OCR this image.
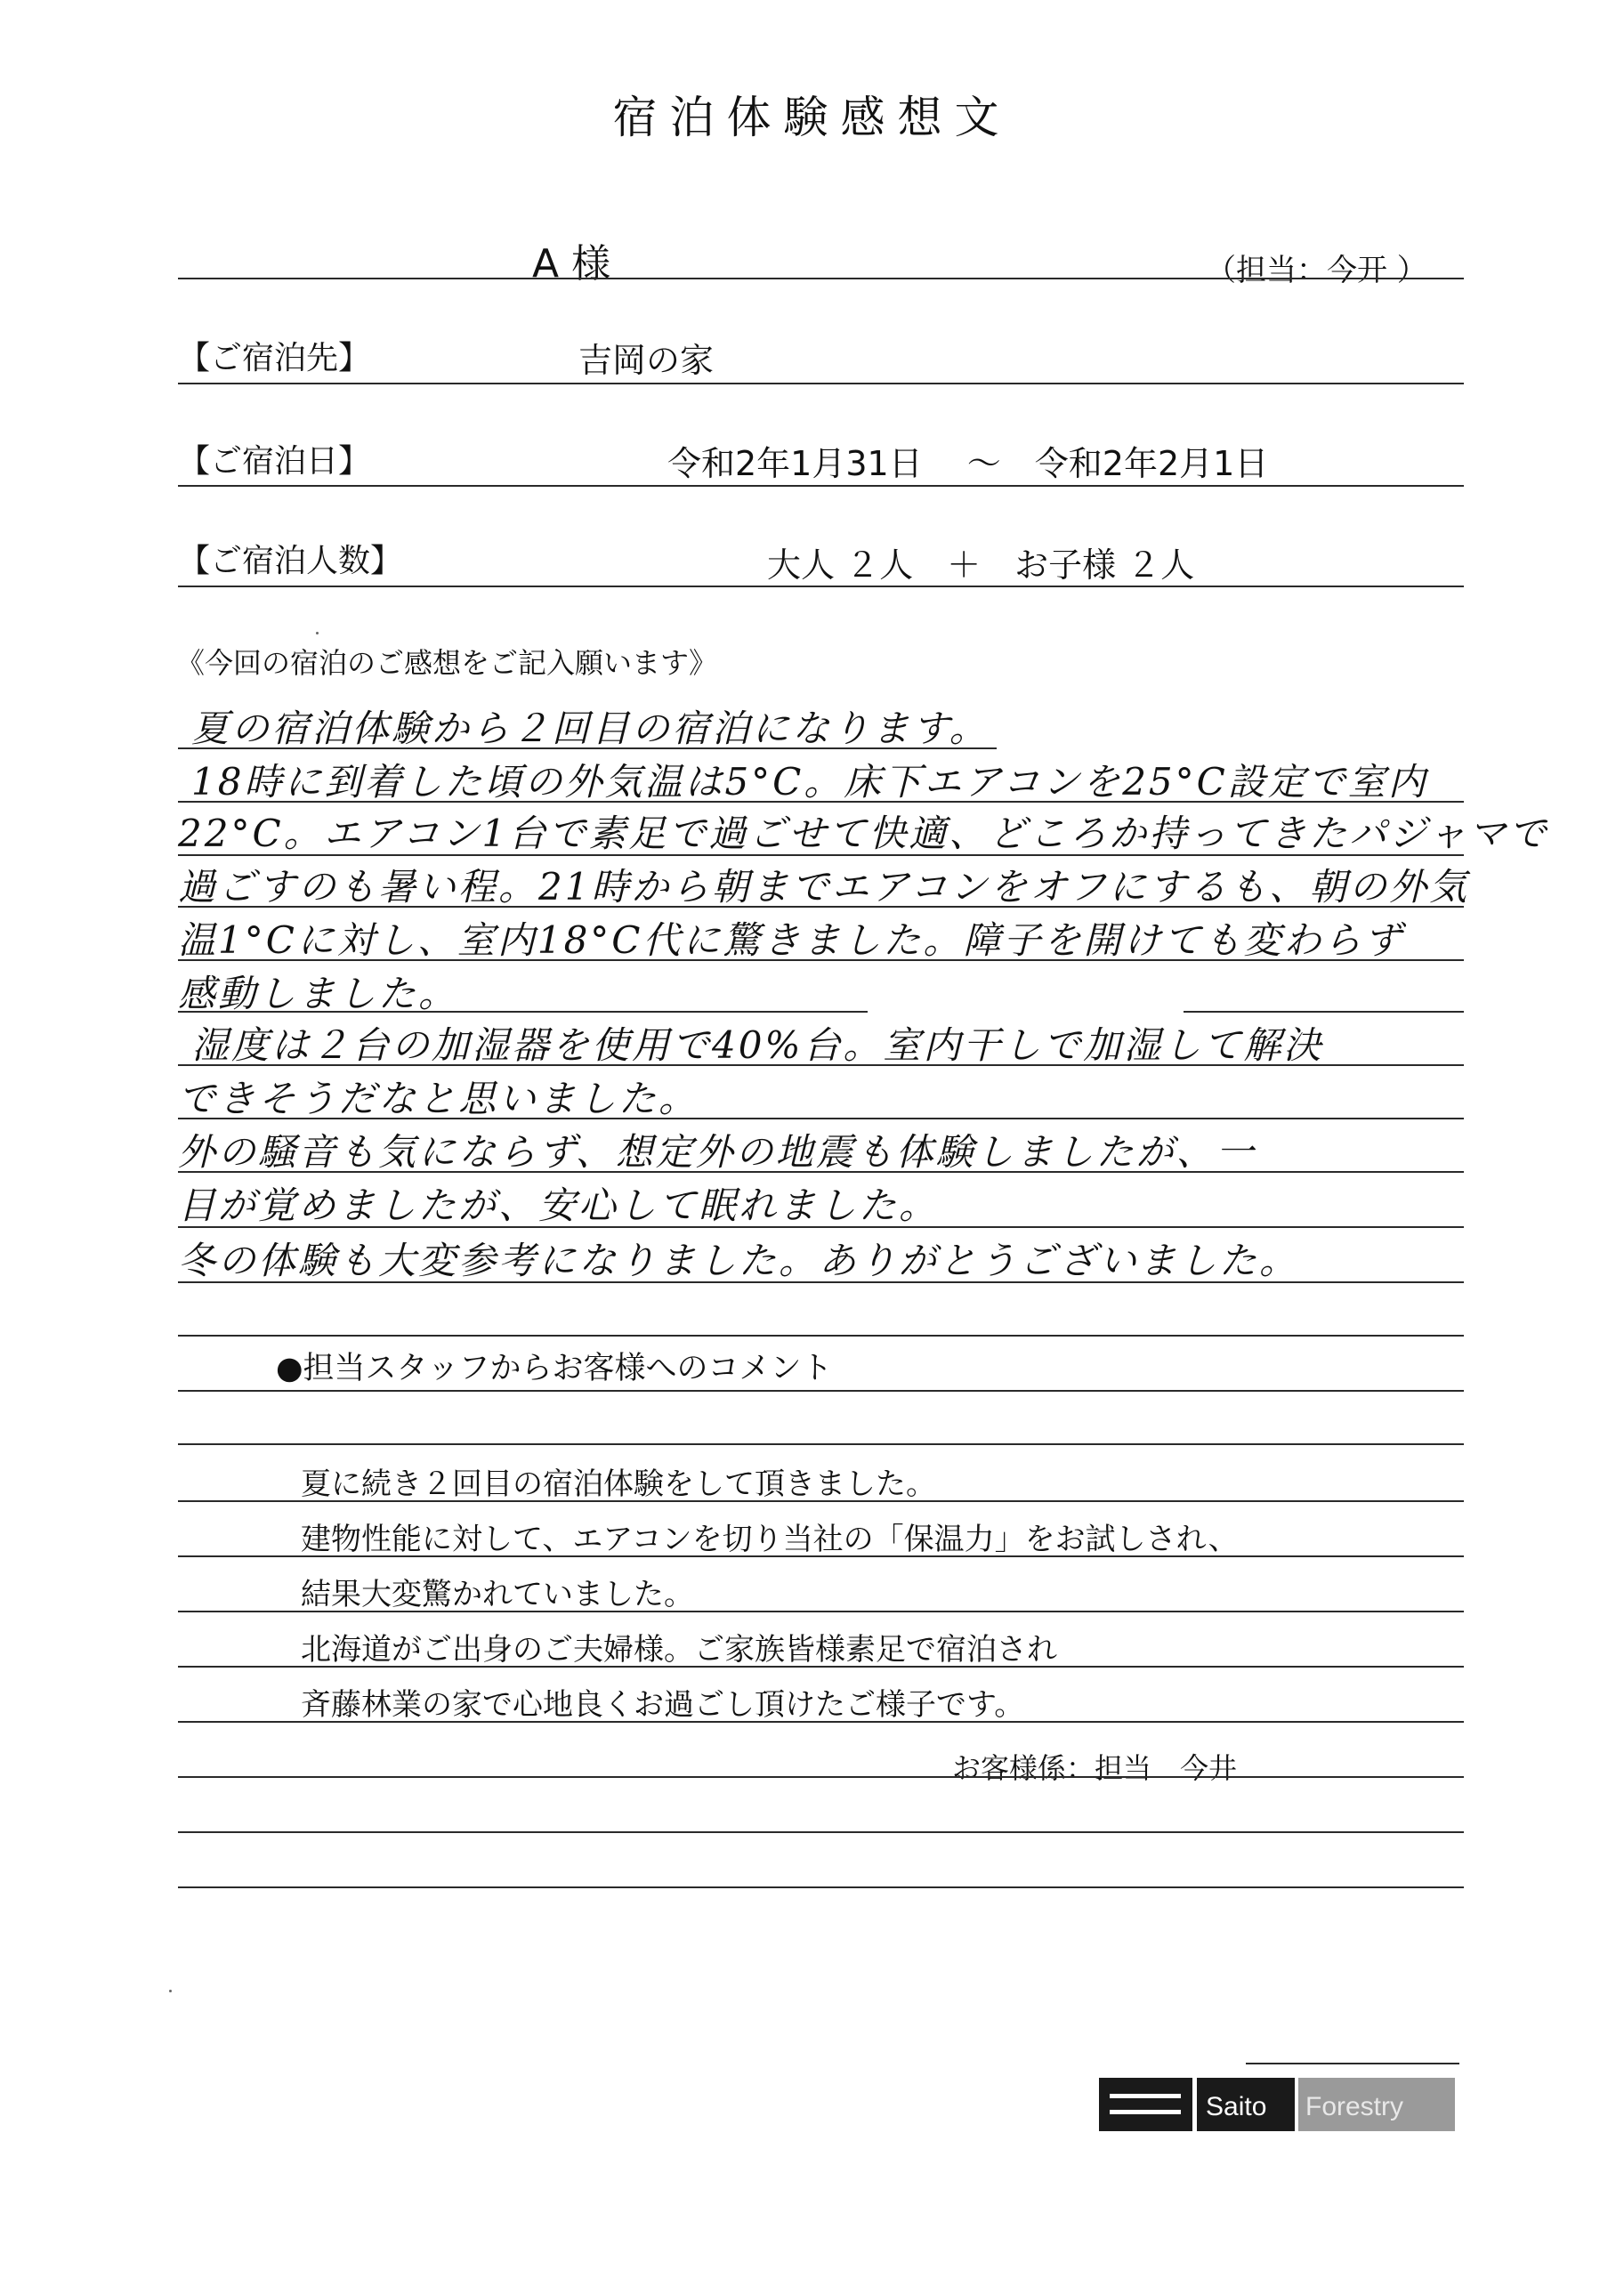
宿泊体験感想文
A 様	（担当：今开 ）
【ご宿泊先】	吉岡の家
【ご宿泊日】	令和2年1月31日　 ～　令和2年2月1日
【ご宿泊人数】	大人 ２人　＋　お子様 ２人
《今回の宿泊のご感想をご記入願います》
夏の宿泊体験から２回目の宿泊になります。
18時に到着した頃の外気温は5°C。床下エアコンを25°C設定で室内
22°C。エアコン1台で素足で過ごせて快適、どころか持ってきたパジャマで
過ごすのも暑い程。21時から朝までエアコンをオフにするも、朝の外気
温1°Cに対し、室内18°C代に驚きました。障子を開けても変わらず
感動しました。
湿度は２台の加湿器を使用で40%台。室内干しで加湿して解決
できそうだなと思いました。
外の騒音も気にならず、想定外の地震も体験しましたが、一
目が覚めましたが、安心して眠れました。
冬の体験も大変参考になりました。ありがとうございました。
●担当スタッフからお客様へのコメント
夏に続き２回目の宿泊体験をして頂きました。
建物性能に対して、エアコンを切り当社の「保温力」をお試しされ、
結果大変驚かれていました。
北海道がご出身のご夫婦様。ご家族皆様素足で宿泊され
斉藤林業の家で心地良くお過ごし頂けたご様子です。
お客様係：担当　今井
Saito Forestry
